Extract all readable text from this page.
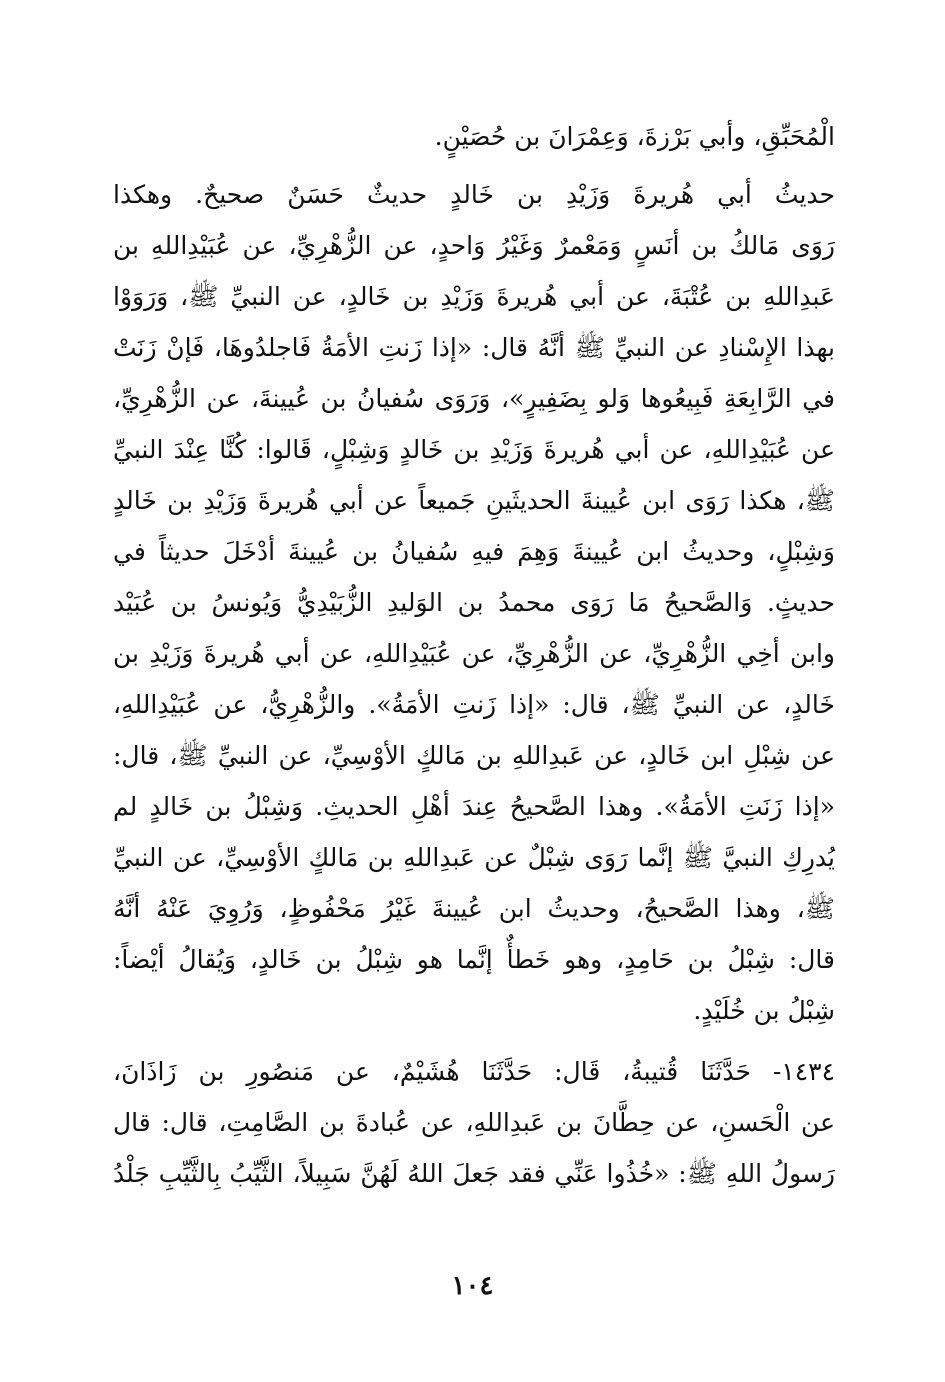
الْمُحَبِّقِ، وأبي بَرْزةَ، وَعِمْرَانَ بن حُصَيْنٍ.
حديثُ أبي هُريرةَ وَزَيْدِ بن خَالدٍ حديثٌ حَسَنٌ صحيحٌ. وهكذا
رَوَى مَالكُ بن أنَسٍ وَمَعْمرٌ وَغَيْرُ وَاحدٍ، عن الزُّهْرِيِّ، عن عُبَيْدِاللهِ بن
عَبدِاللهِ بن عُتْبَةَ، عن أبي هُريرةَ وَزَيْدِ بن خَالدٍ، عن النبيِّ ﷺ، وَرَوَوْا
بهذا الإِسْنادِ عن النبيِّ ﷺ أنَّهُ قال: «إذا زَنتِ الأمَةُ فَاجلدُوهَا، فَإنْ زَنَتْ
في الرَّابِعَةِ فَبِيعُوها وَلو بِضَفِيرٍ»، وَرَوَى سُفيانُ بن عُيينةَ، عن الزُّهْرِيِّ،
عن عُبَيْدِاللهِ، عن أبي هُريرةَ وَزَيْدِ بن خَالدٍ وَشِبْلٍ، قَالوا: كُنَّا عِنْدَ النبيِّ
ﷺ، هكذا رَوَى ابن عُيينةَ الحديثَينِ جَميعاً عن أبي هُريرةَ وَزَيْدِ بن خَالدٍ
وَشِبْلٍ، وحديثُ ابن عُيينةَ وَهِمَ فيهِ سُفيانُ بن عُيينةَ أدْخَلَ حديثاً في
حديثٍ. وَالصَّحيحُ مَا رَوَى محمدُ بن الوَليدِ الزُّبَيْدِيُّ وَيُونسُ بن عُبَيْد
وابن أخِي الزُّهْرِيِّ، عن الزُّهْرِيِّ، عن عُبَيْدِاللهِ، عن أبي هُريرةَ وَزَيْدِ بن
خَالدٍ، عن النبيِّ ﷺ، قال: «إذا زَنتِ الأمَةُ». والزُّهْرِيُّ، عن عُبَيْدِاللهِ،
عن شِبْلِ ابن خَالدٍ، عن عَبدِاللهِ بن مَالكٍ الأوْسِيِّ، عن النبيِّ ﷺ، قال:
«إذا زَنَتِ الأمَةُ». وهذا الصَّحيحُ عِندَ أهْلِ الحديثِ. وَشِبْلُ بن خَالدٍ لم
يُدرِكِ النبيَّ ﷺ إنَّما رَوَى شِبْلٌ عن عَبدِاللهِ بن مَالكٍ الأوْسِيِّ، عن النبيِّ
ﷺ، وهذا الصَّحيحُ، وحديثُ ابن عُيينةَ غَيْرُ مَحْفُوظٍ، وَرُوِيَ عَنْهُ أنَّهُ
قال: شِبْلُ بن حَامِدٍ، وهو خَطأٌ إنَّما هو شِبْلُ بن خَالدٍ، وَيُقالُ أيْضاً:
شِبْلُ بن خُلَيْدٍ.
١٤٣٤- حَدَّثَنَا قُتيبةُ، قَال: حَدَّثَنَا هُشَيْمٌ، عن مَنصُورِ بن زَاذَانَ،
عن الْحَسنِ، عن حِطَّانَ بن عَبدِاللهِ، عن عُبادةَ بن الصَّامِتِ، قال: قال
رَسولُ اللهِ ﷺ: «خُذُوا عَنِّي فقد جَعلَ اللهُ لَهُنَّ سَبِيلاً، الثَّيِّبُ بِالثَّيِّبِ جَلْدُ
١٠٤
